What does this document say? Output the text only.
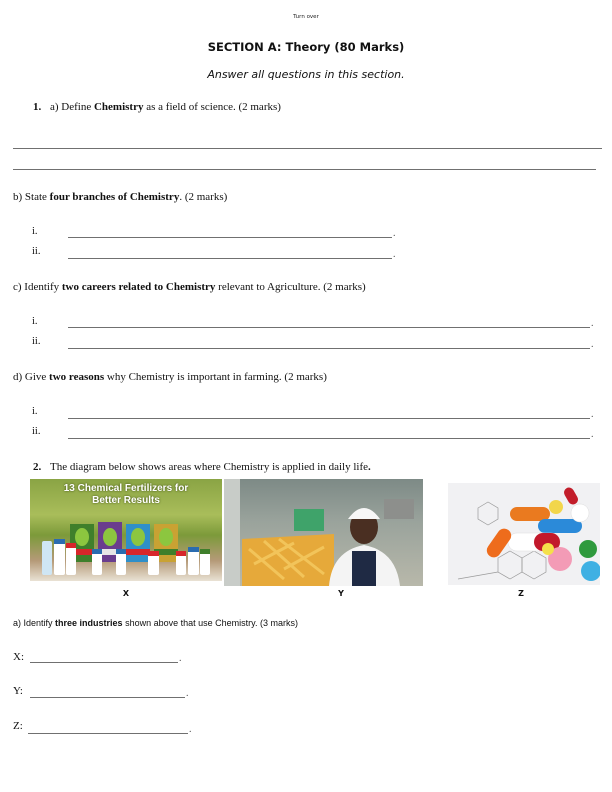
Turn over
SECTION A: Theory (80 Marks)
Answer all questions in this section.
1. a) Define Chemistry as a field of science. (2 marks)
b) State four branches of Chemistry. (2 marks)
i.	.
ii.	.
c) Identify two careers related to Chemistry relevant to Agriculture. (2 marks)
i.	.
ii.	.
d) Give two reasons why Chemistry is important in farming. (2 marks)
i.	.
ii.	.
2. The diagram below shows areas where Chemistry is applied in daily life.
13 Chemical Fertilizers for
Better Results
X	Y	Z
a) Identify three industries shown above that use Chemistry. (3 marks)
X:	.
Y:	.
Z:	.
